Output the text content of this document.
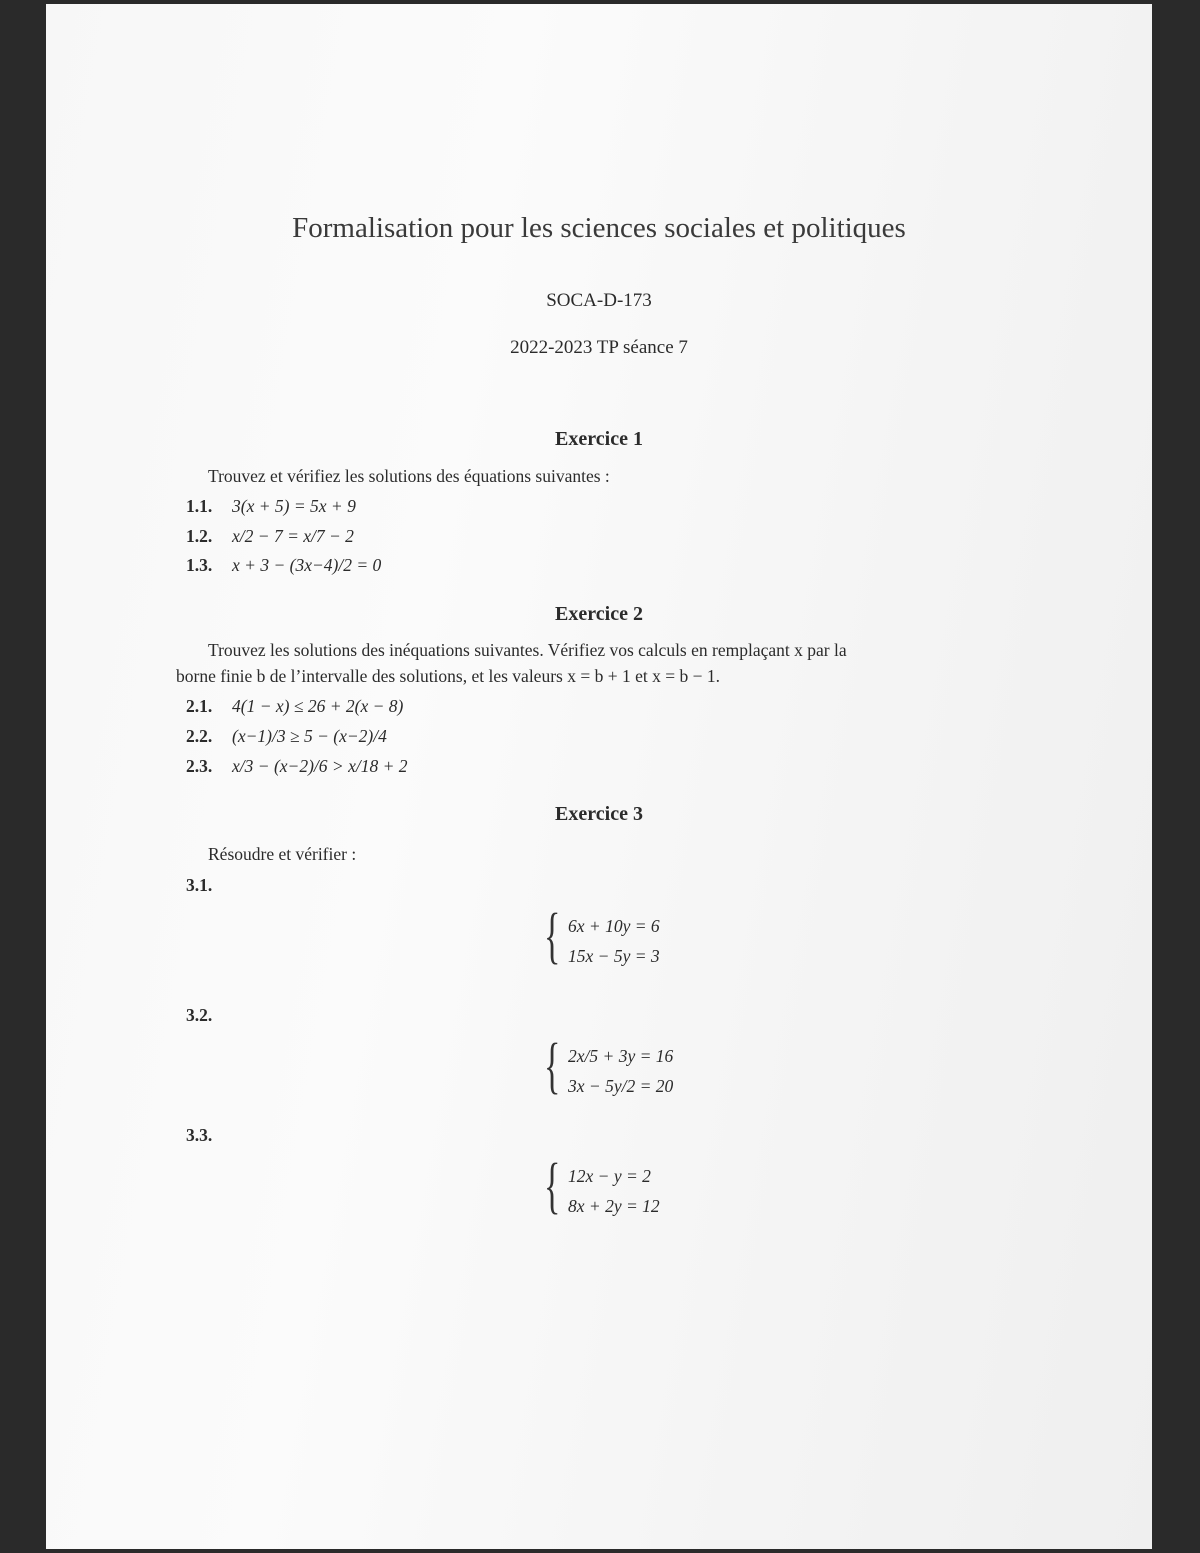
Formalisation pour les sciences sociales et politiques
SOCA-D-173
2022-2023 TP séance 7
Exercice 1
Trouvez et vérifiez les solutions des équations suivantes :
1.1. 3(x + 5) = 5x + 9
1.2. x/2 − 7 = x/7 − 2
1.3. x + 3 − (3x−4)/2 = 0
Exercice 2
Trouvez les solutions des inéquations suivantes. Vérifiez vos calculs en remplaçant x par la
borne finie b de l’intervalle des solutions, et les valeurs x = b + 1 et x = b − 1.
2.1. 4(1 − x) ≤ 26 + 2(x − 8)
2.2. (x−1)/3 ≥ 5 − (x−2)/4
2.3. x/3 − (x−2)/6 > x/18 + 2
Exercice 3
Résoudre et vérifier :
3.1.
{ 6x + 10y = 6
15x − 5y = 3
3.2.
{ 2x/5 + 3y = 16
3x − 5y/2 = 20
3.3.
{ 12x − y = 2
8x + 2y = 12
